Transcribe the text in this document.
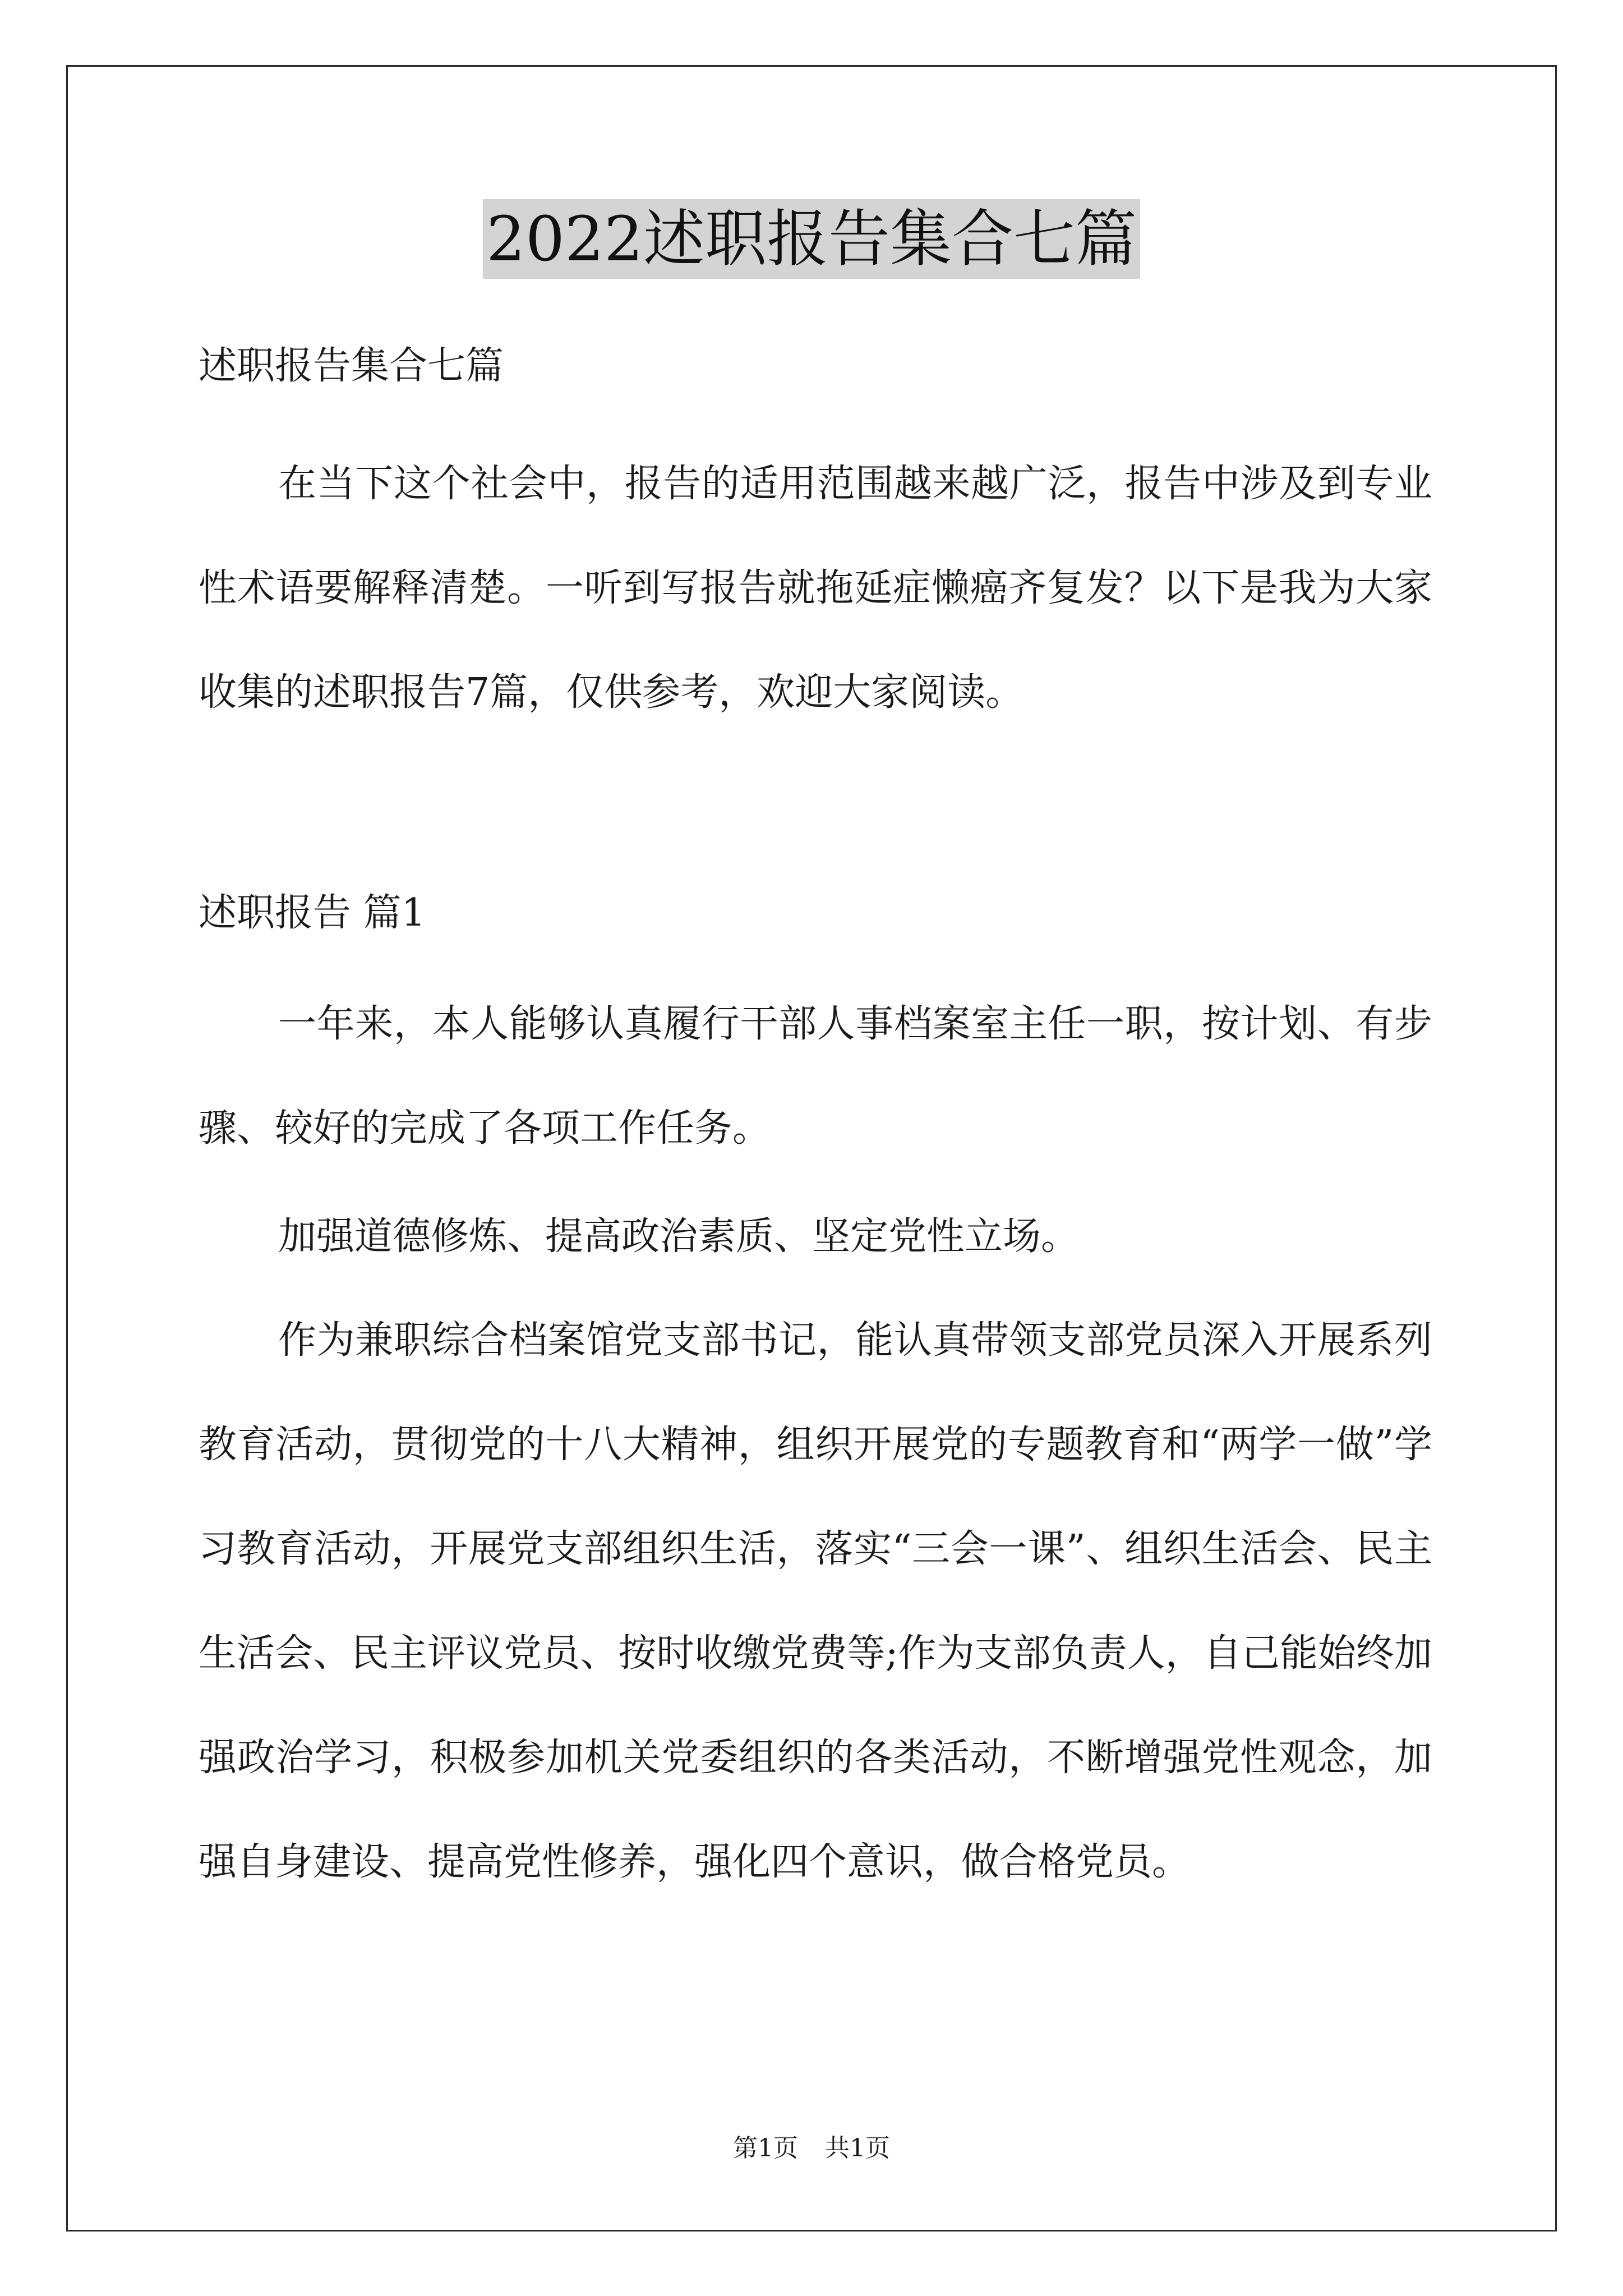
2022述职报告集合七篇

述职报告集合七篇

在当下这个社会中，报告的适用范围越来越广泛，报告中涉及到专业性术语要解释清楚。一听到写报告就拖延症懒癌齐复发？以下是我为大家收集的述职报告7篇，仅供参考，欢迎大家阅读。

述职报告 篇1

一年来，本人能够认真履行干部人事档案室主任一职，按计划、有步骤、较好的完成了各项工作任务。

加强道德修炼、提高政治素质、坚定党性立场。

作为兼职综合档案馆党支部书记，能认真带领支部党员深入开展系列教育活动，贯彻党的十八大精神，组织开展党的专题教育和“两学一做”学习教育活动，开展党支部组织生活，落实“三会一课”、组织生活会、民主生活会、民主评议党员、按时收缴党费等;作为支部负责人，自己能始终加强政治学习，积极参加机关党委组织的各类活动，不断增强党性观念，加强自身建设、提高党性修养，强化四个意识，做合格党员。

第1页 共1页
